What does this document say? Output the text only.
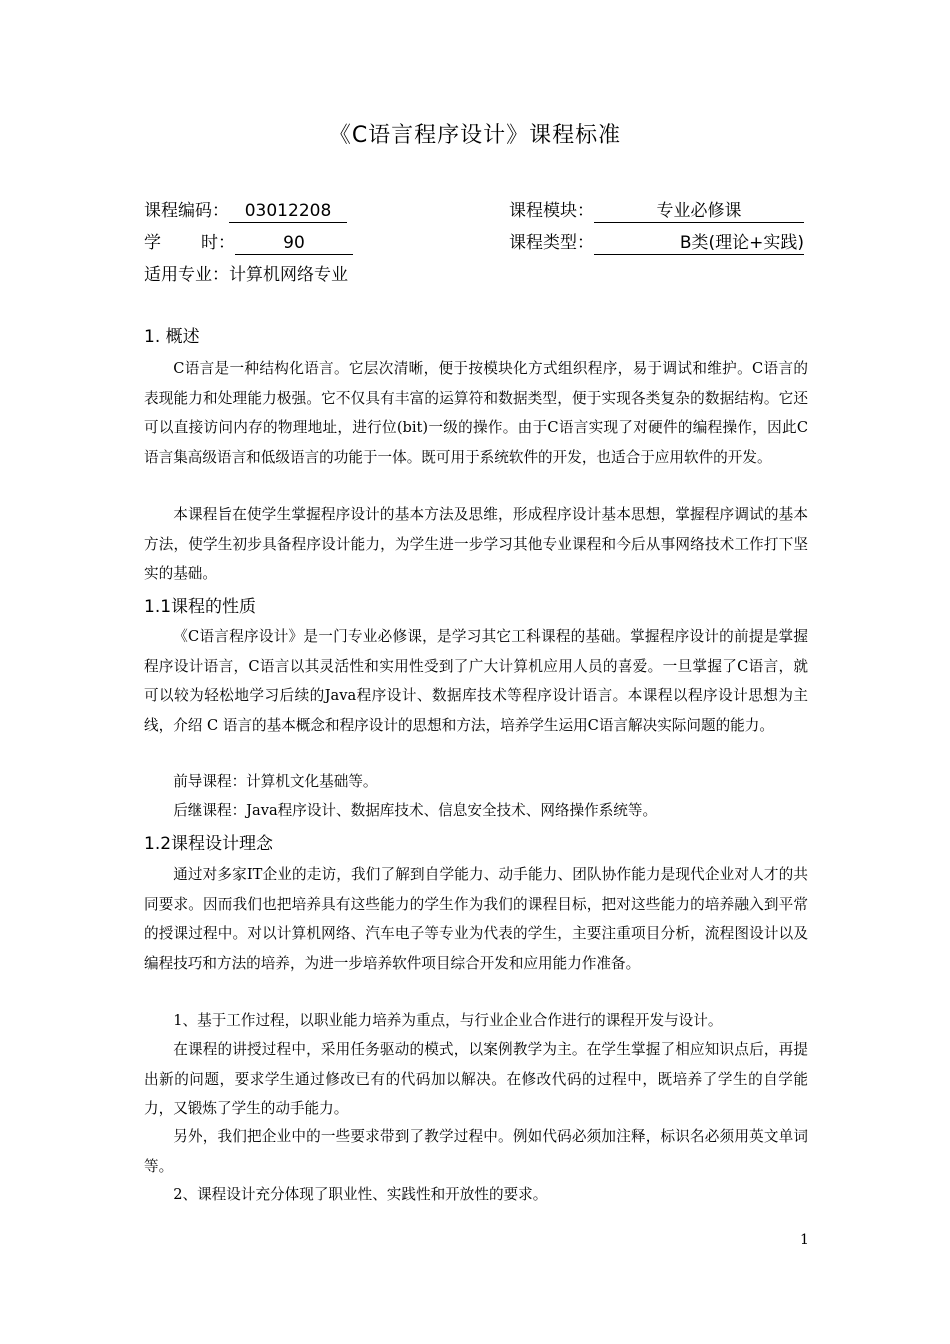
《C语言程序设计》课程标准
课程编码： 03012208	课程模块：	专业必修课
学 时：	90	课程类型：	B类(理论+实践)
适用专业：计算机网络专业
1. 概述

C语言是一种结构化语言。它层次清晰，便于按模块化方式组织程序，易于调试和维护。C语言的表现能力和处理能力极强。它不仅具有丰富的运算符和数据类型，便于实现各类复杂的数据结构。它还可以直接访问内存的物理地址，进行位(bit)一级的操作。由于C语言实现了对硬件的编程操作，因此C语言集高级语言和低级语言的功能于一体。既可用于系统软件的开发，也适合于应用软件的开发。

本课程旨在使学生掌握程序设计的基本方法及思维，形成程序设计基本思想，掌握程序调试的基本方法，使学生初步具备程序设计能力，为学生进一步学习其他专业课程和今后从事网络技术工作打下坚实的基础。

1.1课程的性质

《C语言程序设计》是一门专业必修课，是学习其它工科课程的基础。掌握程序设计的前提是掌握程序设计语言，C语言以其灵活性和实用性受到了广大计算机应用人员的喜爱。一旦掌握了C语言，就可以较为轻松地学习后续的Java程序设计、数据库技术等程序设计语言。本课程以程序设计思想为主线，介绍 C 语言的基本概念和程序设计的思想和方法，培养学生运用C语言解决实际问题的能力。

前导课程：计算机文化基础等。

后继课程：Java程序设计、数据库技术、信息安全技术、网络操作系统等。

1.2课程设计理念

通过对多家IT企业的走访，我们了解到自学能力、动手能力、团队协作能力是现代企业对人才的共同要求。因而我们也把培养具有这些能力的学生作为我们的课程目标，把对这些能力的培养融入到平常的授课过程中。对以计算机网络、汽车电子等专业为代表的学生，主要注重项目分析，流程图设计以及编程技巧和方法的培养，为进一步培养软件项目综合开发和应用能力作准备。

1、基于工作过程，以职业能力培养为重点，与行业企业合作进行的课程开发与设计。

在课程的讲授过程中，采用任务驱动的模式，以案例教学为主。在学生掌握了相应知识点后，再提出新的问题，要求学生通过修改已有的代码加以解决。在修改代码的过程中，既培养了学生的自学能力，又锻炼了学生的动手能力。

另外，我们把企业中的一些要求带到了教学过程中。例如代码必须加注释，标识名必须用英文单词等。

2、课程设计充分体现了职业性、实践性和开放性的要求。

1
